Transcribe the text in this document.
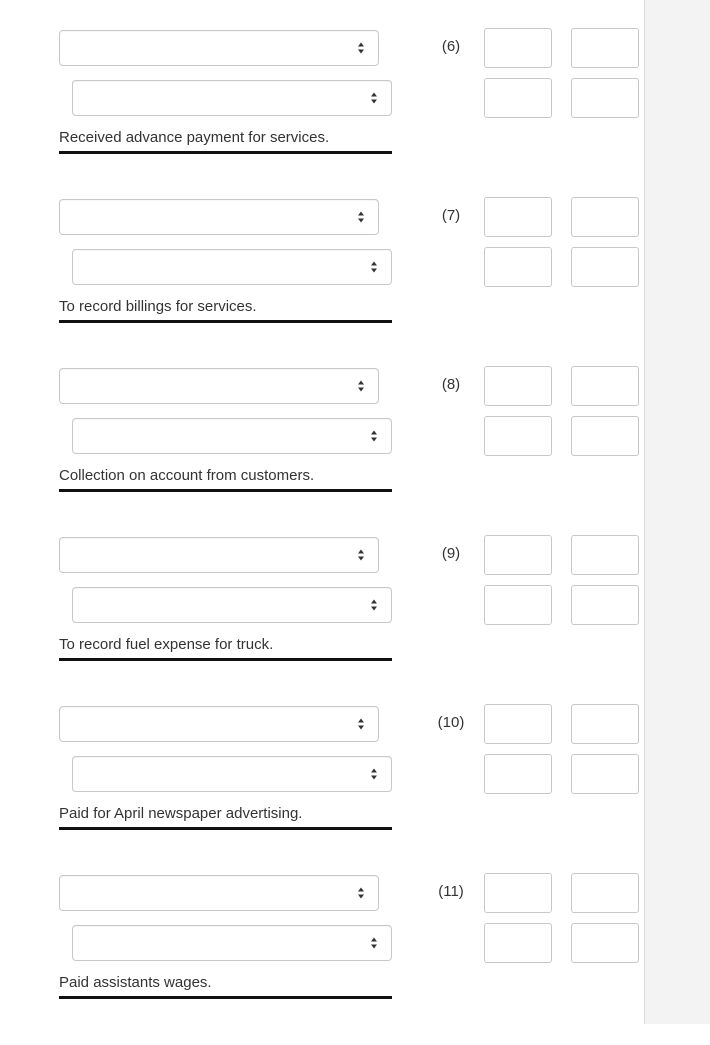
(6)
Received advance payment for services.
(7)
To record billings for services.
(8)
Collection on account from customers.
(9)
To record fuel expense for truck.
(10)
Paid for April newspaper advertising.
(11)
Paid assistants wages.
